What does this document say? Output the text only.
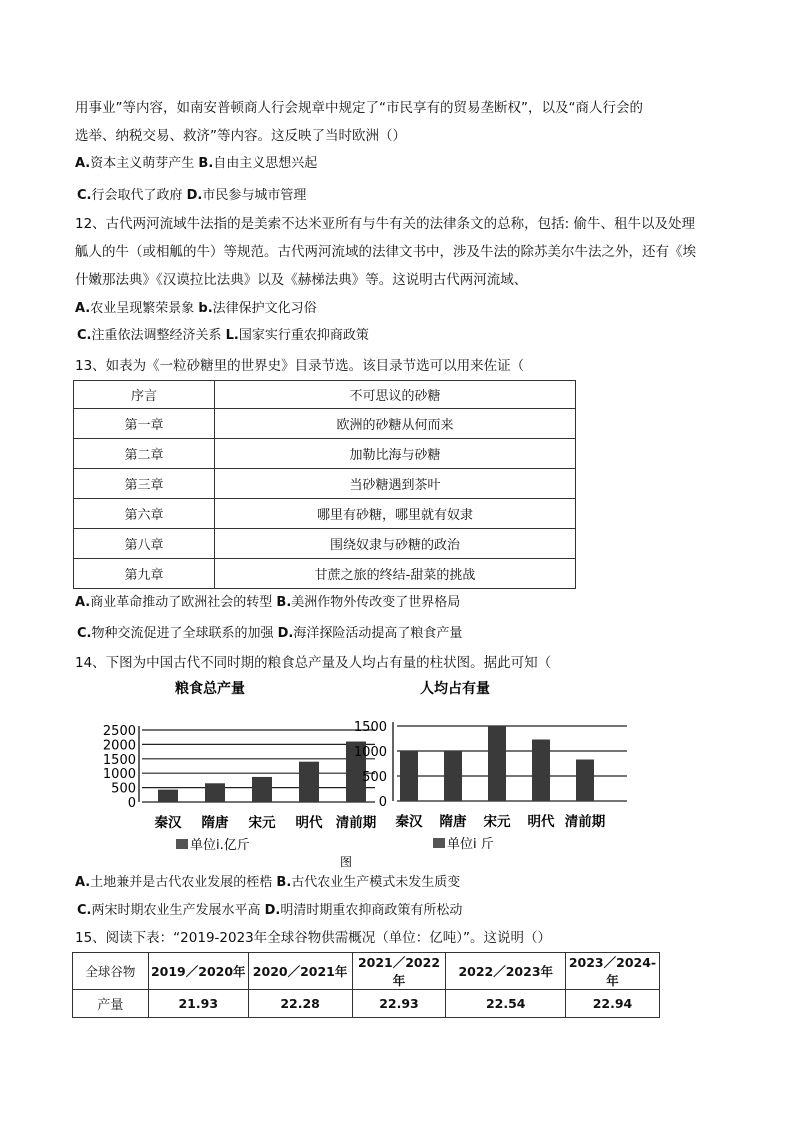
用事业”等内容，如南安普顿商人行会规章中规定了“市民享有的贸易垄断权”，以及“商人行会的
选举、纳税交易、救济”等内容。这反映了当时欧洲（）
A.资本主义萌芽产生 B.自由主义思想兴起
C.行会取代了政府 D.市民参与城市管理
12、古代两河流域牛法指的是美索不达米亚所有与牛有关的法律条文的总称，包括: 偷牛、租牛以及处理
觚人的牛（或相觚的牛）等规范。古代两河流域的法律文书中，涉及牛法的除苏美尔牛法之外，还有《埃
什嫩那法典》《汉谟拉比法典》以及《赫梯法典》等。这说明古代两河流域、
A.农业呈现繁荣景象 b.法律保护文化习俗
C.注重依法调整经济关系 L.国家实行重农抑商政策
13、如表为《一粒砂糖里的世界史》目录节选。该目录节选可以用来佐证（
序言	不可思议的砂糖
第一章	欧洲的砂糖从何而来
第二章	加勒比海与砂糖
第三章	当砂糖遇到茶叶
第六章	哪里有砂糖，哪里就有奴隶
第八章	围绕奴隶与砂糖的政治
第九章	甘蔗之旅的终结-甜菜的挑战
A.商业革命推动了欧洲社会的转型 B.美洲作物外传改变了世界格局
C.物种交流促进了全球联系的加强 D.海洋探险活动提高了粮食产量
14、下图为中国古代不同时期的粮食总产量及人均占有量的柱状图。据此可知（
粮食总产量
2500
2000
1500
1000
500
0
秦汉 隋唐 宋元 明代 清前期
单位i.亿斤
图
人均占有量
1500
1000
500
0
秦汉 隋唐 宋元 明代 清前期
单位i 斤
A.土地兼并是古代农业发展的桎梏 B.古代农业生产模式未发生质变
C.两宋时期农业生产发展水平高 D.明清时期重农抑商政策有所松动
15、阅读下表：“2019-2023年全球谷物供需概况（单位：亿吨）”。这说明（）
全球谷物	2019／2020年	2020／2021年	2021／2022年	2022／2023年	2023／2024-年
产量	21.93	22.28	22.93	22.54	22.94
